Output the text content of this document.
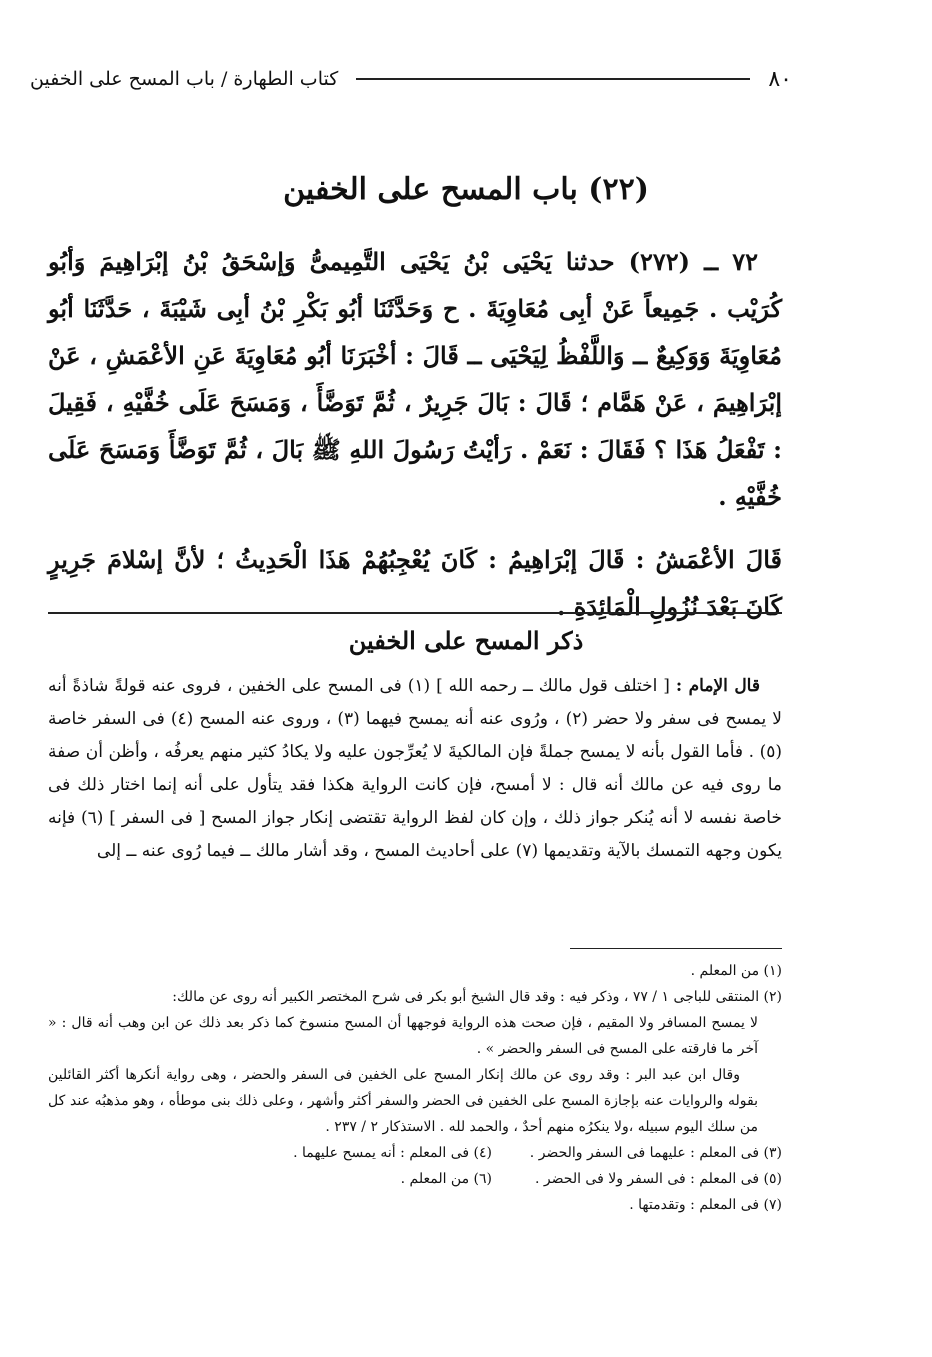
٨٠
كتاب الطهارة / باب المسح على الخفين
(٢٢) باب المسح على الخفين

٧٢ ــ (٢٧٢) حدثنا يَحْيَى بْنُ يَحْيَى التَّمِيمىُّ وَإسْحَقُ بْنُ إبْرَاهِيمَ وَأبُو كُرَيْب . جَمِيعاً عَنْ أبِى مُعَاوِيَةَ . ح وَحَدَّثَنَا أبُو بَكْرِ بْنُ أبِى شَيْبَةَ ، حَدَّثَنَا أبُو مُعَاوِيَةَ وَوَكِيعٌ ــ وَاللَّفْظُ لِيَحْيَى ــ قَالَ : أخْبَرَنَا أبُو مُعَاوِيَةَ عَنِ الأعْمَشِ ، عَنْ إبْرَاهِيمَ ، عَنْ هَمَّام ؛ قَالَ : بَالَ جَرِيرٌ ، ثُمَّ تَوَضَّأَ ، وَمَسَحَ عَلَى خُفَّيْهِ ، فَقِيلَ : تَفْعَلُ هَذَا ؟ فَقَالَ : نَعَمْ . رَأيْتُ رَسُولَ اللهِ ﷺ بَالَ ، ثُمَّ تَوَضَّأَ وَمَسَحَ عَلَى خُفَّيْهِ .

قَالَ الأعْمَشُ : قَالَ إبْرَاهِيمُ : كَانَ يُعْجِبُهُمْ هَذَا الْحَدِيثُ ؛ لأنَّ إسْلامَ جَرِيرٍ كَانَ بَعْدَ نُزُولِ الْمَائِدَةِ .

ذكر المسح على الخفين

قال الإمام : [ اختلف قول مالك ــ رحمه الله ] (١) فى المسح على الخفين ، فروى عنه قولةً شاذةً أنه لا يمسح فى سفر ولا حضر (٢) ، ورُوى عنه أنه يمسح فيهما (٣) ، وروى عنه المسح (٤) فى السفر خاصة (٥) . فأما القول بأنه لا يمسح جملةً فإن المالكيةَ لا يُعرِّجون عليه ولا يكادُ كثير منهم يعرفُه ، وأظن أن صفة ما روى فيه عن مالك أنه قال : لا أمسح، فإن كانت الرواية هكذا فقد يتأول على أنه إنما اختار ذلك فى خاصة نفسه لا أنه يُنكر جواز ذلك ، وإن كان لفظ الرواية تقتضى إنكار جواز المسح [ فى السفر ] (٦) فإنه يكون وجهه التمسك بالآية وتقديمها (٧) على أحاديث المسح ، وقد أشار مالك ــ فيما رُوى عنه ــ إلى

(١) من المعلم .

(٢) المنتقى للباجى ١ / ٧٧ ، وذكر فيه : وقد قال الشيخ أبو بكر فى شرح المختصر الكبير أنه روى عن مالك:

لا يمسح المسافر ولا المقيم ، فإن صحت هذه الرواية فوجهها أن المسح منسوخ كما ذكر بعد ذلك عن ابن وهب أنه قال : « آخر ما فارقته على المسح فى السفر والحضر » .

وقال ابن عبد البر : وقد روى عن مالك إنكار المسح على الخفين فى السفر والحضر ، وهى رواية أنكرها أكثر القائلين بقوله والروايات عنه بإجازة المسح على الخفين فى الحضر والسفر أكثر وأشهر ، وعلى ذلك بنى موطأه ، وهو مذهبُه عند كل من سلك اليوم سبيله ،ولا ينكرُه منهم أحدٌ ، والحمد لله . الاستذكار ٢ / ٢٣٧ .

(٣) فى المعلم : عليهما فى السفر والحضر .
(٤) فى المعلم : أنه يمسح عليهما .
(٥) فى المعلم : فى السفر ولا فى الحضر .
(٦) من المعلم .

(٧) فى المعلم : وتقدمتها .
